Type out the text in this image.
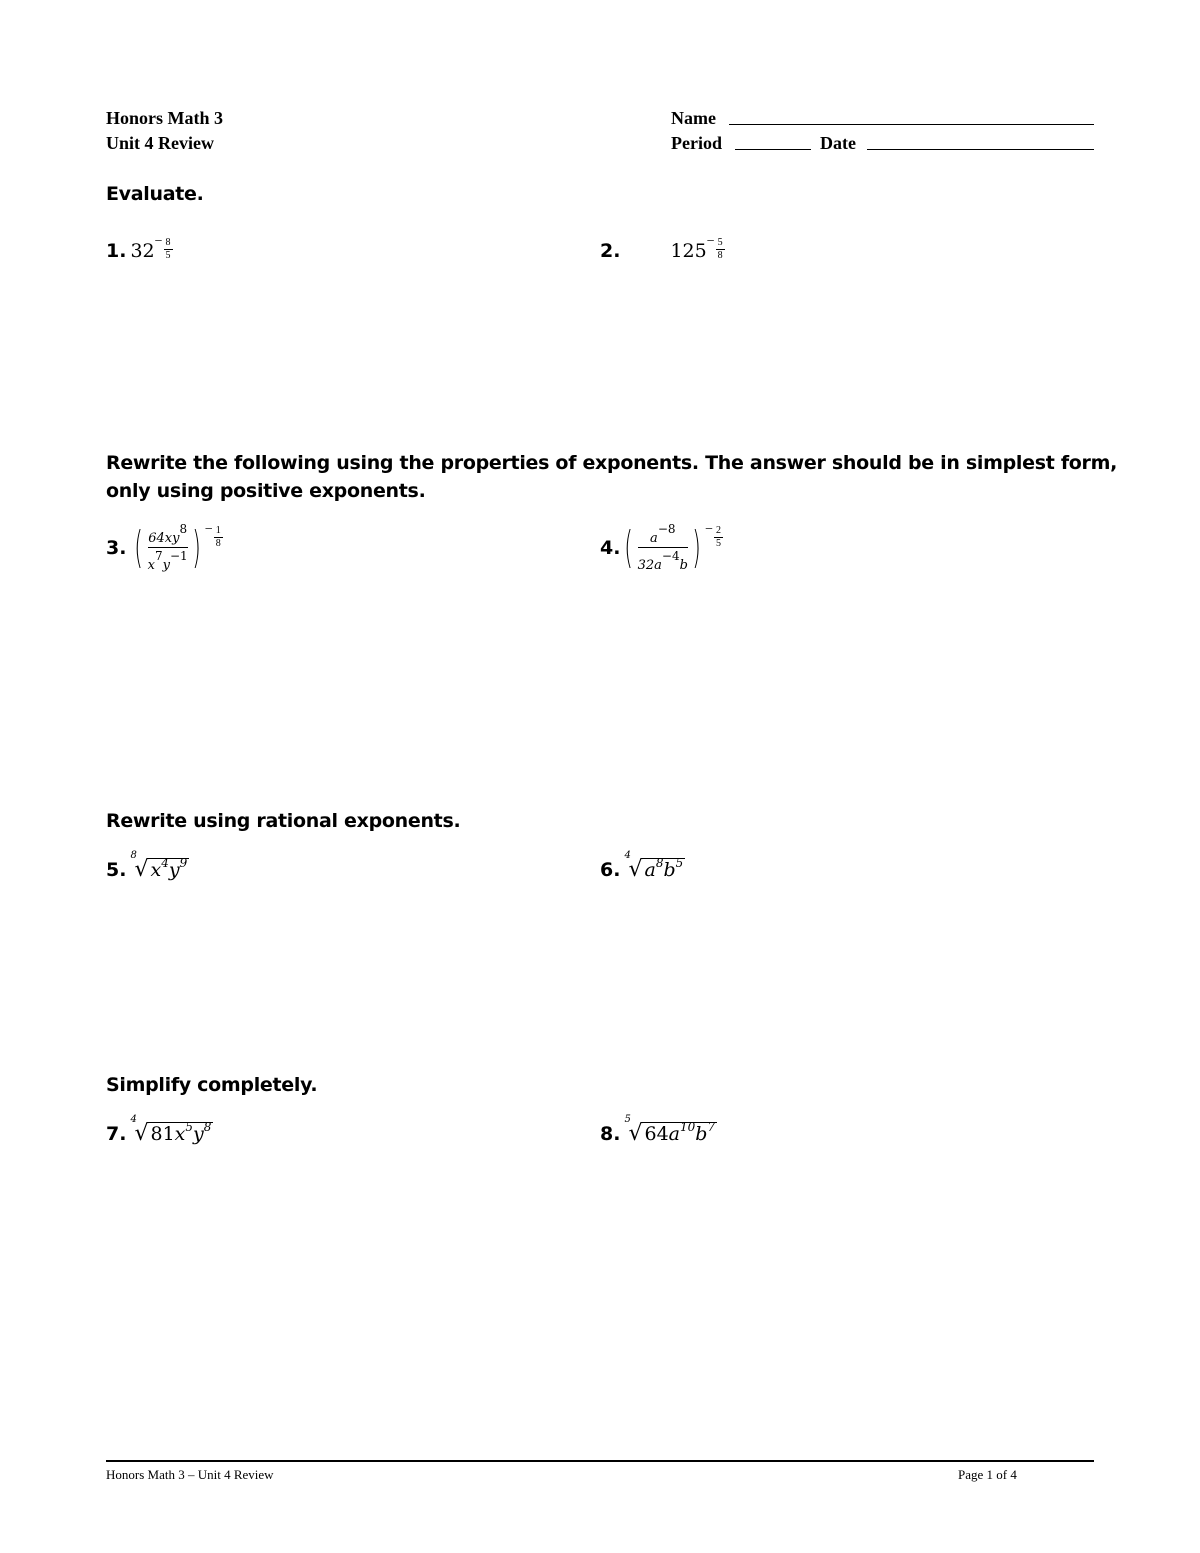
Honors Math 3
Unit 4 Review
Name
Period	Date
Evaluate.
1. $32- \frac{8}{5}$	2.	$125- \frac{5}{8}$
Rewrite the following using the properties of exponents. The answer should be in simplest form,
only using positive exponents.
3. ( 64xy8
x7y−1 ) − $\frac{1}{8}$	4. ( a−8
32a−4b ) − $\frac{2}{5}$
Rewrite using rational exponents.
5.
8
√ $x^4y^9$	6.
4
√ $a^8b^5$
Simplify completely.
7.
4
√ $81x^5y^8$	8.
5
√ $64a^{10}b^7$
Honors Math 3 – Unit 4 Review	Page 1 of 4
